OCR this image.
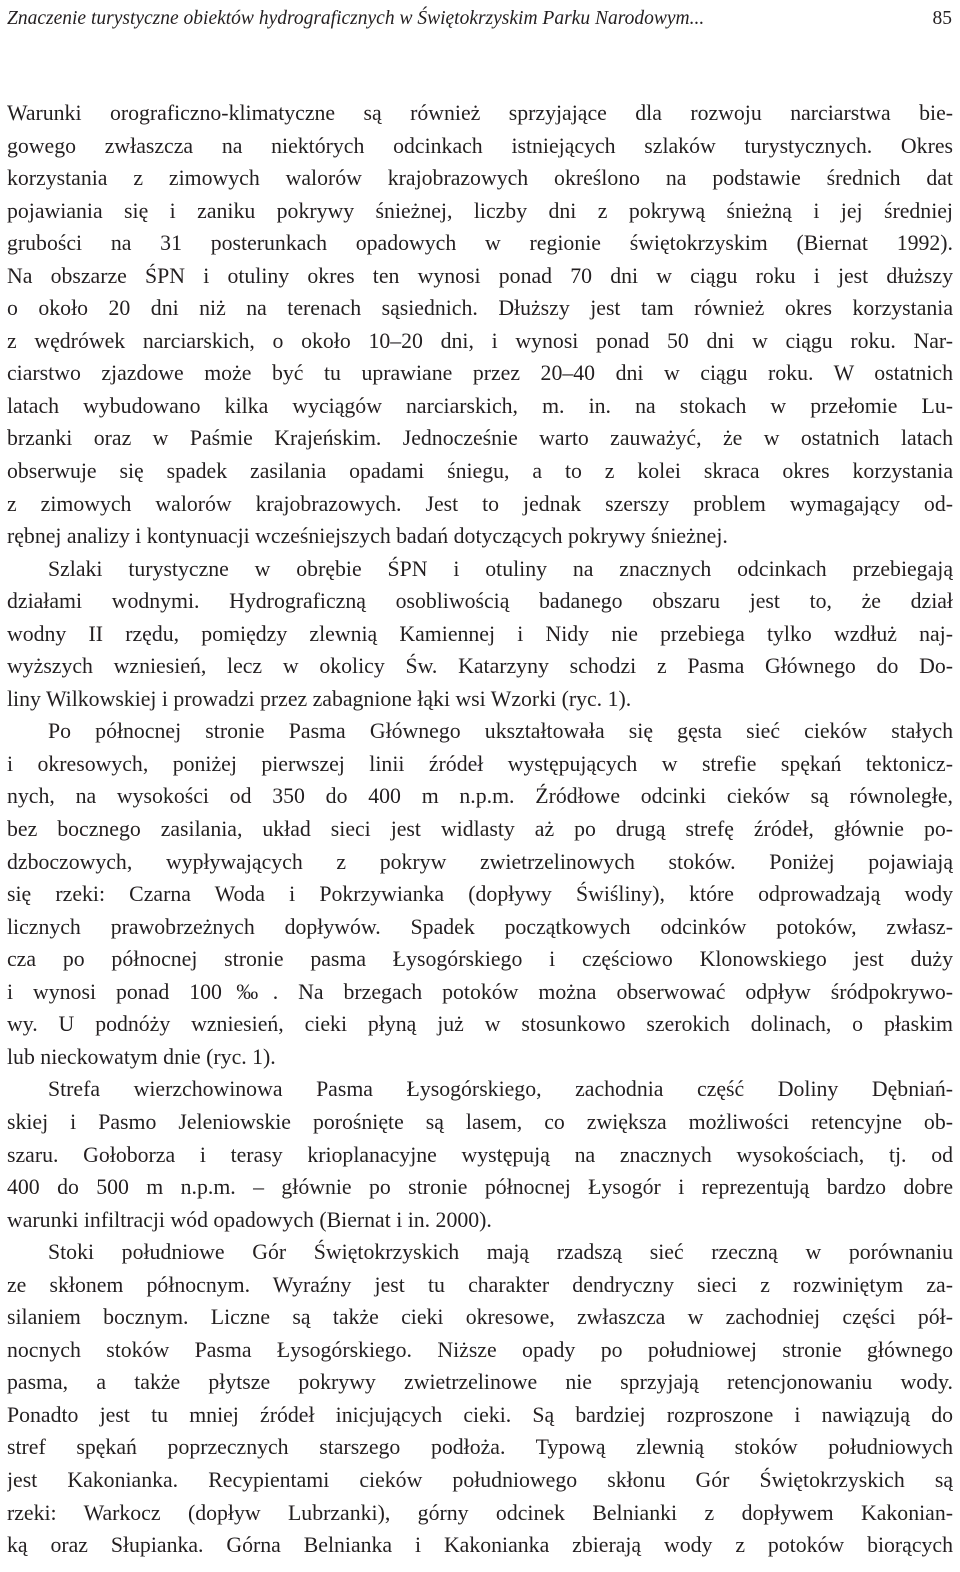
Znaczenie turystyczne obiektów hydrograficznych w Świętokrzyskim Parku Narodowym...	85
Warunki orograficzno-klimatyczne są również sprzyjające dla rozwoju narciarstwa bie-
gowego zwłaszcza na niektórych odcinkach istniejących szlaków turystycznych. Okres
korzystania z zimowych walorów krajobrazowych określono na podstawie średnich dat
pojawiania się i zaniku pokrywy śnieżnej, liczby dni z pokrywą śnieżną i jej średniej
grubości na 31 posterunkach opadowych w regionie świętokrzyskim (Biernat 1992).
Na obszarze ŚPN i otuliny okres ten wynosi ponad 70 dni w ciągu roku i jest dłuższy
o około 20 dni niż na terenach sąsiednich. Dłuższy jest tam również okres korzystania
z wędrówek narciarskich, o około 10–20 dni, i wynosi ponad 50 dni w ciągu roku. Nar-
ciarstwo zjazdowe może być tu uprawiane przez 20–40 dni w ciągu roku. W ostatnich
latach wybudowano kilka wyciągów narciarskich, m. in. na stokach w przełomie Lu-
brzanki oraz w Paśmie Krajeńskim. Jednocześnie warto zauważyć, że w ostatnich latach
obserwuje się spadek zasilania opadami śniegu, a to z kolei skraca okres korzystania
z zimowych walorów krajobrazowych. Jest to jednak szerszy problem wymagający od-
rębnej analizy i kontynuacji wcześniejszych badań dotyczących pokrywy śnieżnej.
Szlaki turystyczne w obrębie ŚPN i otuliny na znacznych odcinkach przebiegają
działami wodnymi. Hydrograficzną osobliwością badanego obszaru jest to, że dział
wodny II rzędu, pomiędzy zlewnią Kamiennej i Nidy nie przebiega tylko wzdłuż naj-
wyższych wzniesień, lecz w okolicy Św. Katarzyny schodzi z Pasma Głównego do Do-
liny Wilkowskiej i prowadzi przez zabagnione łąki wsi Wzorki (ryc. 1).
Po północnej stronie Pasma Głównego ukształtowała się gęsta sieć cieków stałych
i okresowych, poniżej pierwszej linii źródeł występujących w strefie spękań tektonicz-
nych, na wysokości od 350 do 400 m n.p.m. Źródłowe odcinki cieków są równoległe,
bez bocznego zasilania, układ sieci jest widlasty aż po drugą strefę źródeł, głównie po-
dzboczowych, wypływających z pokryw zwietrzelinowych stoków. Poniżej pojawiają
się rzeki: Czarna Woda i Pokrzywianka (dopływy Świśliny), które odprowadzają wody
licznych prawobrzeżnych dopływów. Spadek początkowych odcinków potoków, zwłasz-
cza po północnej stronie pasma Łysogórskiego i częściowo Klonowskiego jest duży
i wynosi ponad 100‰. Na brzegach potoków można obserwować odpływ śródpokrywo-
wy. U podnóży wzniesień, cieki płyną już w stosunkowo szerokich dolinach, o płaskim
lub nieckowatym dnie (ryc. 1).
Strefa wierzchowinowa Pasma Łysogórskiego, zachodnia część Doliny Dębniań-
skiej i Pasmo Jeleniowskie porośnięte są lasem, co zwiększa możliwości retencyjne ob-
szaru. Gołoborza i terasy krioplanacyjne występują na znacznych wysokościach, tj. od
400 do 500 m n.p.m. – głównie po stronie północnej Łysogór i reprezentują bardzo dobre
warunki infiltracji wód opadowych (Biernat i in. 2000).
Stoki południowe Gór Świętokrzyskich mają rzadszą sieć rzeczną w porównaniu
ze skłonem północnym. Wyraźny jest tu charakter dendryczny sieci z rozwiniętym za-
silaniem bocznym. Liczne są także cieki okresowe, zwłaszcza w zachodniej części pół-
nocnych stoków Pasma Łysogórskiego. Niższe opady po południowej stronie głównego
pasma, a także płytsze pokrywy zwietrzelinowe nie sprzyjają retencjonowaniu wody.
Ponadto jest tu mniej źródeł inicjujących cieki. Są bardziej rozproszone i nawiązują do
stref spękań poprzecznych starszego podłoża. Typową zlewnią stoków południowych
jest Kakonianka. Recypientami cieków południowego skłonu Gór Świętokrzyskich są
rzeki: Warkocz (dopływ Lubrzanki), górny odcinek Belnianki z dopływem Kakonian-
ką oraz Słupianka. Górna Belnianka i Kakonianka zbierają wody z potoków biorących
